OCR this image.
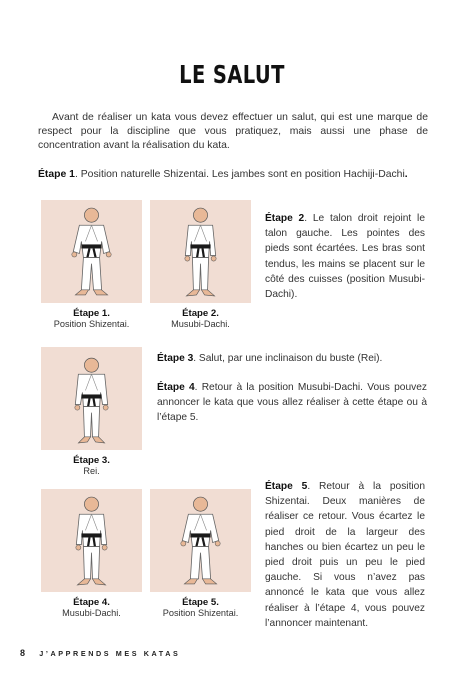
LE SALUT

Avant de réaliser un kata vous devez effectuer un salut, qui est une marque de respect pour la discipline que vous pratiquez, mais aussi une phase de concentration avant la réalisation du kata.

Étape 1. Position naturelle Shizentai. Les jambes sont en position Hachiji-Dachi.
Étape 1.
Position Shizentai.
Étape 2.
Musubi-Dachi.
Étape 2. Le talon droit rejoint le talon gauche. Les pointes des pieds sont écartées. Les bras sont tendus, les mains se placent sur le côté des cuisses (position Musubi-Dachi).
Étape 3.
Rei.
Étape 3. Salut, par une inclinaison du buste (Rei).
Étape 4. Retour à la position Musubi-Dachi. Vous pouvez annoncer le kata que vous allez réaliser à cette étape ou à l’étape 5.
Étape 4.
Musubi-Dachi.
Étape 5.
Position Shizentai.
Étape 5. Retour à la position Shizentai. Deux manières de réaliser ce retour. Vous écartez le pied droit de la largeur des hanches ou bien écartez un peu le pied droit puis un peu le pied gauche. Si vous n’avez pas annoncé le kata que vous allez réaliser à l’étape 4, vous pouvez l’annoncer maintenant.
8 J’APPRENDS MES KATAS
